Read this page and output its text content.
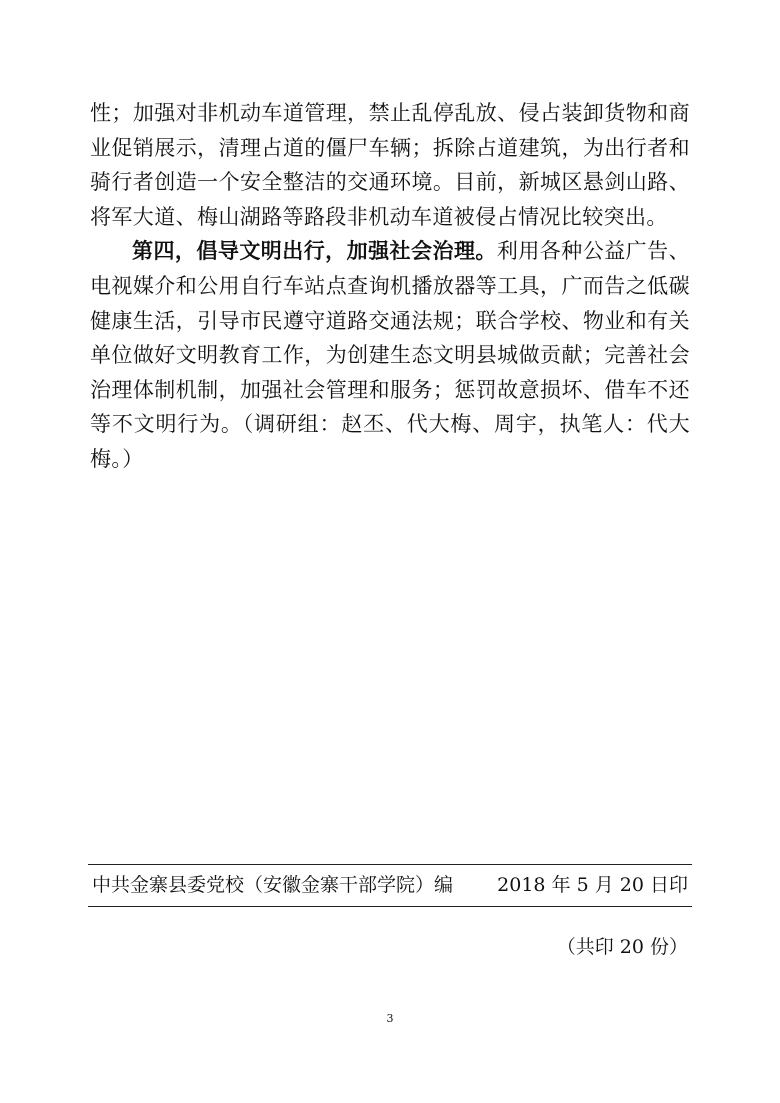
性；加强对非机动车道管理，禁止乱停乱放、侵占装卸货物和商业促销展示，清理占道的僵尸车辆；拆除占道建筑，为出行者和骑行者创造一个安全整洁的交通环境。目前，新城区悬剑山路、将军大道、梅山湖路等路段非机动车道被侵占情况比较突出。

第四，倡导文明出行，加强社会治理。利用各种公益广告、电视媒介和公用自行车站点查询机播放器等工具，广而告之低碳健康生活，引导市民遵守道路交通法规；联合学校、物业和有关单位做好文明教育工作，为创建生态文明县城做贡献；完善社会治理体制机制，加强社会管理和服务；惩罚故意损坏、借车不还等不文明行为。（调研组：赵丕、代大梅、周宇，执笔人：代大梅。）

中共金寨县委党校（安徽金寨干部学院）编 2018 年 5 月 20 日印
（共印 20 份）
3
